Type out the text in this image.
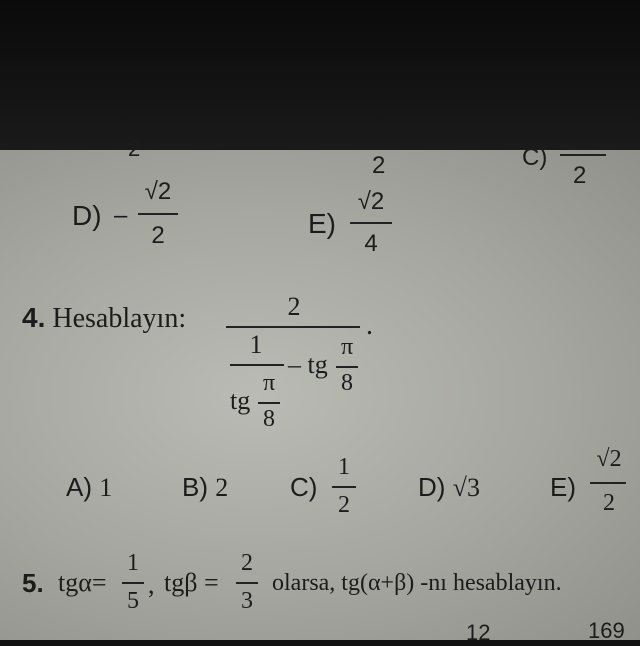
2
2	C)
2
D) –
√2
2	E)
√2
4
4. Hesablayın:	2
.
1
tg
π
8
– tg
π
8
A) 1	B) 2 C)
1
2
D) √3	E)
√2
2
5. tgα=
1
5
, tgβ =
2
3
olarsa, tg(α+β) -nı hesablayın.
12	169
